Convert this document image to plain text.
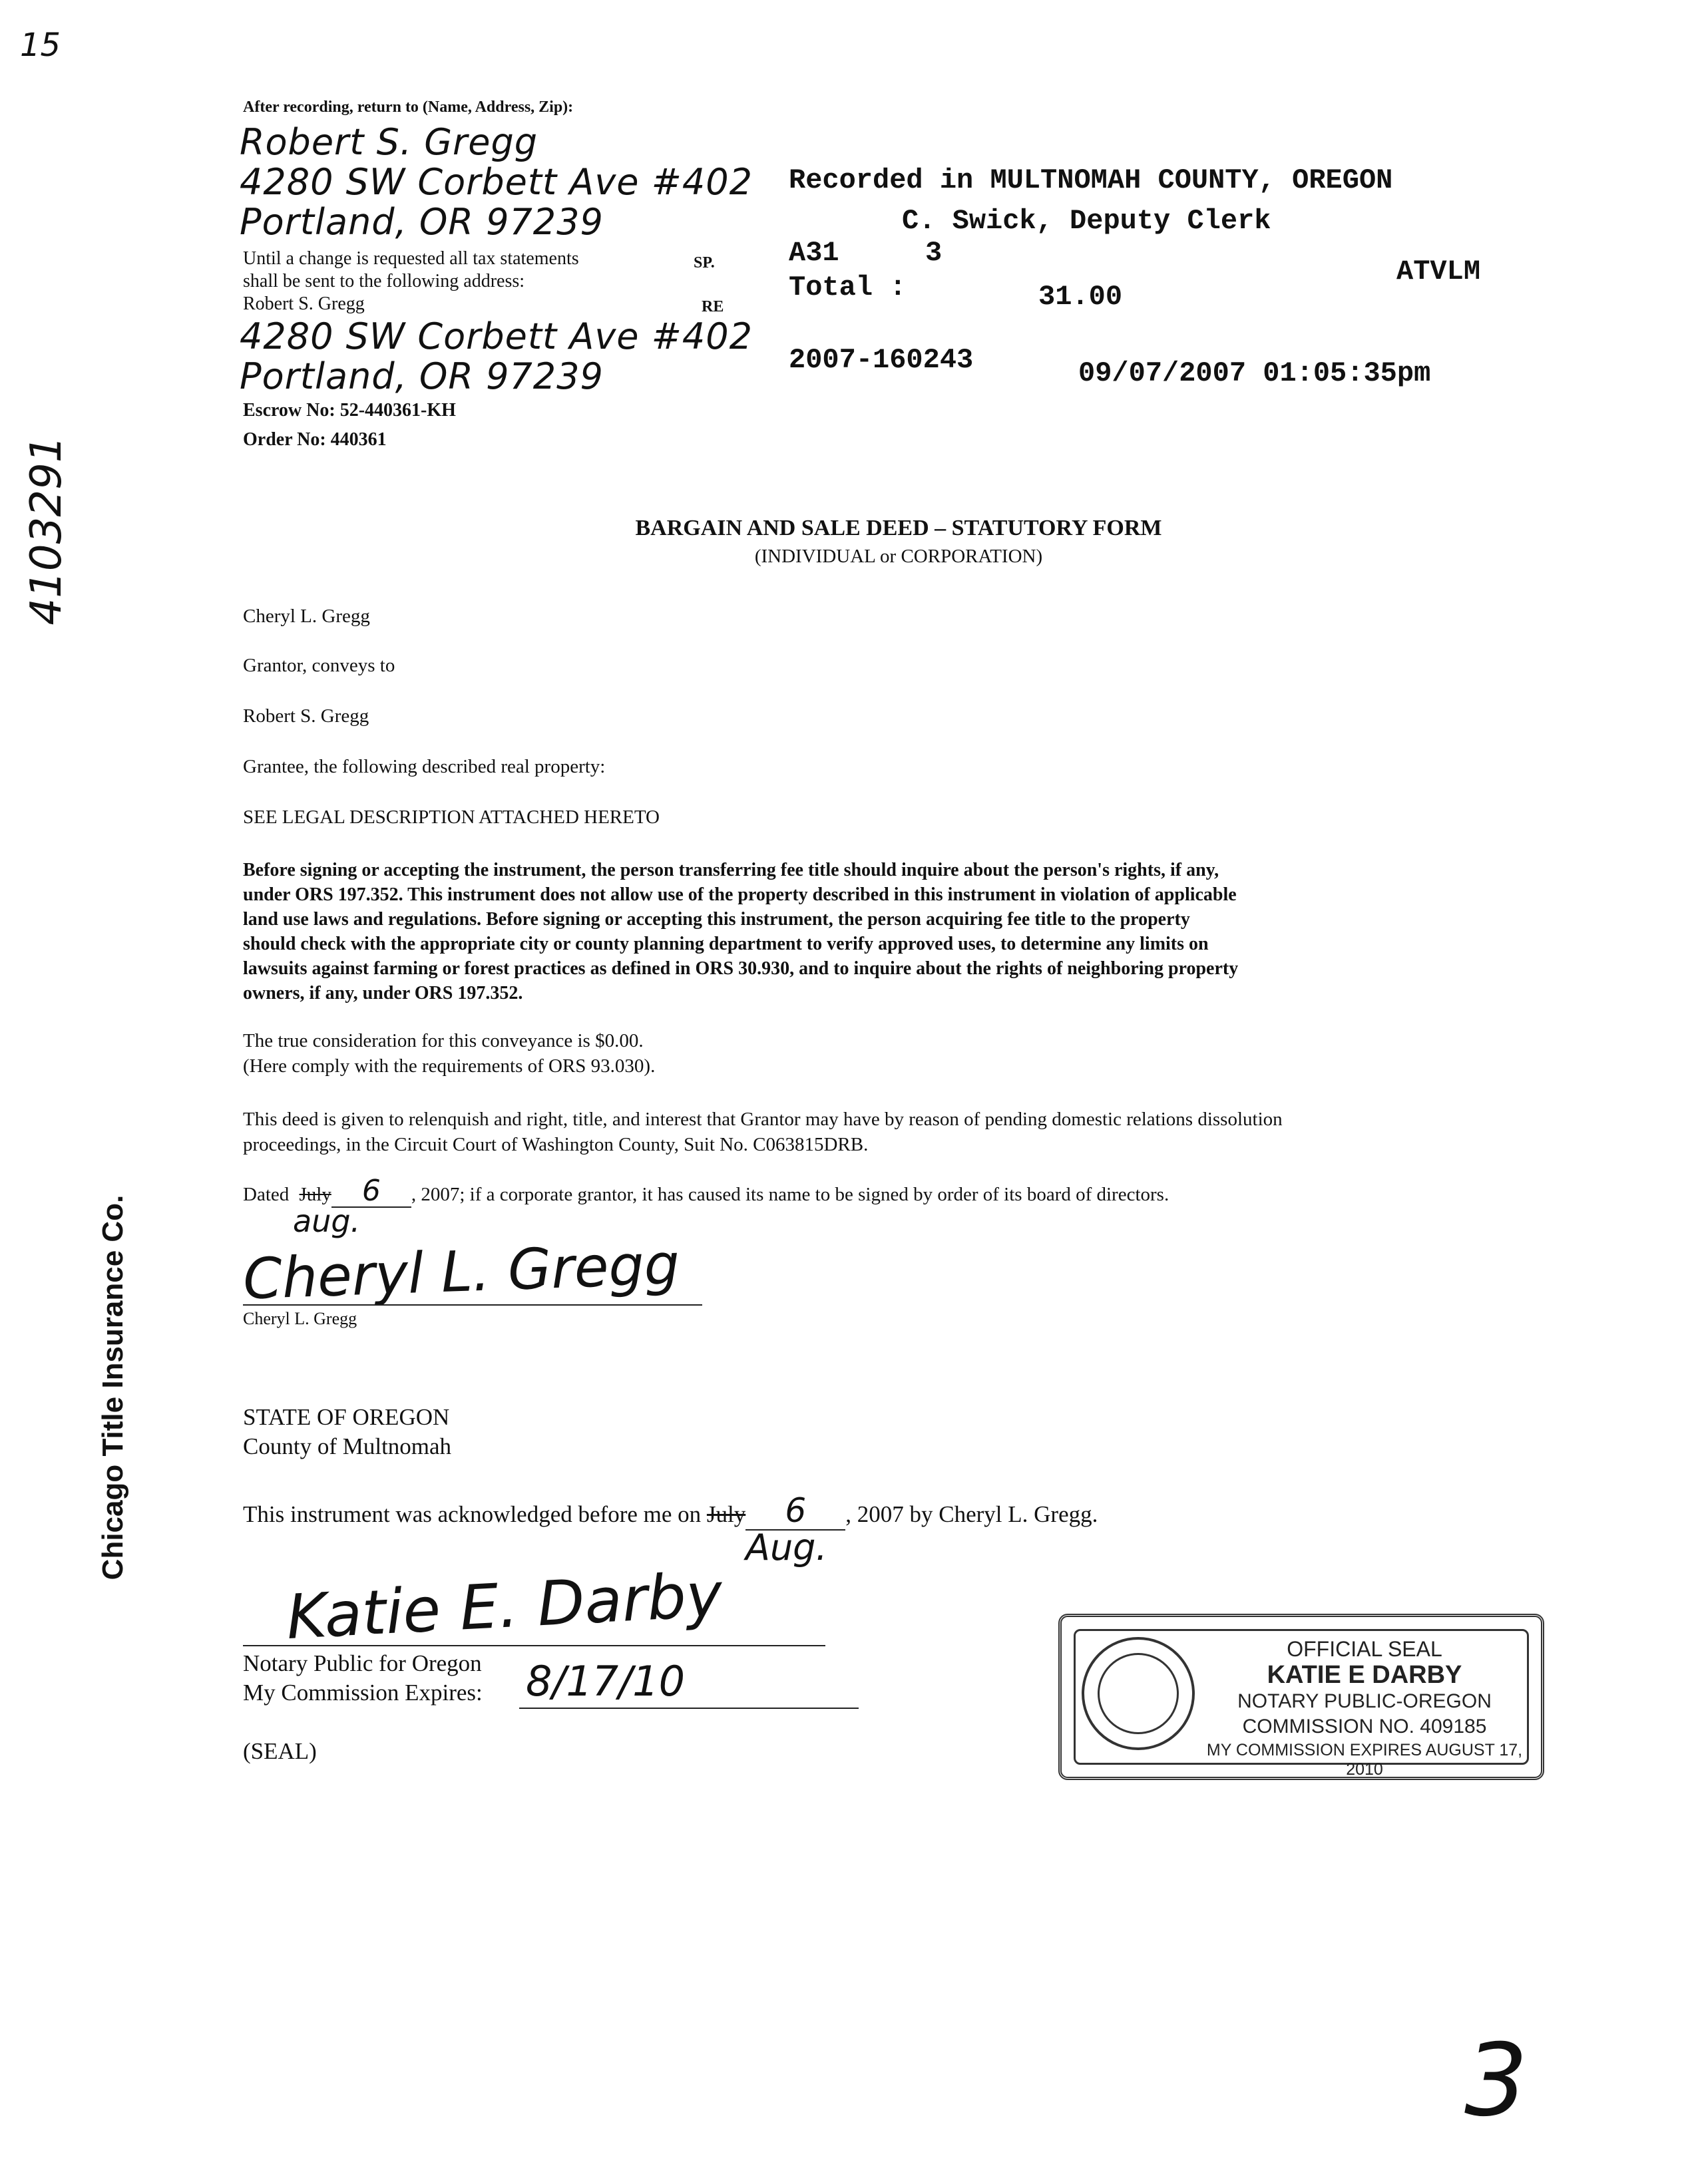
15
4103291
Chicago Title Insurance Co.
After recording, return to (Name, Address, Zip):
Robert S. Gregg
4280 SW Corbett Ave #402
Portland, OR 97239
Until a change is requested all tax statements
shall be sent to the following address:
Robert S. Gregg
4280 SW Corbett Ave #402
Portland, OR 97239
SP.
RE
Escrow No: 52-440361-KH
Order No: 440361
Recorded in MULTNOMAH COUNTY, OREGON
C. Swick, Deputy Clerk
A31	3
ATVLM
Total :	31.00
2007-160243	09/07/2007 01:05:35pm
BARGAIN AND SALE DEED – STATUTORY FORM
(INDIVIDUAL or CORPORATION)
Cheryl L. Gregg
Grantor, conveys to
Robert S. Gregg
Grantee, the following described real property:
SEE LEGAL DESCRIPTION ATTACHED HERETO
Before signing or accepting the instrument, the person transferring fee title should inquire about the person's rights, if any,
under ORS 197.352. This instrument does not allow use of the property described in this instrument in violation of applicable
land use laws and regulations. Before signing or accepting this instrument, the person acquiring fee title to the property
should check with the appropriate city or county planning department to verify approved uses, to determine any limits on
lawsuits against farming or forest practices as defined in ORS 30.930, and to inquire about the rights of neighboring property
owners, if any, under ORS 197.352.
The true consideration for this conveyance is $0.00.
(Here comply with the requirements of ORS 93.030).
This deed is given to relenquish and right, title, and interest that Grantor may have by reason of pending domestic relations dissolution
proceedings, in the Circuit Court of Washington County, Suit No. C063815DRB.
Dated July 6 , 2007; if a corporate grantor, it has caused its name to be signed by order of its board of directors.
aug.
Cheryl L. Gregg
Cheryl L. Gregg
STATE OF OREGON
County of Multnomah
This instrument was acknowledged before me on July 6 , 2007 by Cheryl L. Gregg.
Aug.
Katie E. Darby
Notary Public for Oregon
My Commission Expires: 8/17/10
(SEAL)
OFFICIAL SEAL
KATIE E DARBY
NOTARY PUBLIC-OREGON
COMMISSION NO. 409185
MY COMMISSION EXPIRES AUGUST 17, 2010
3
